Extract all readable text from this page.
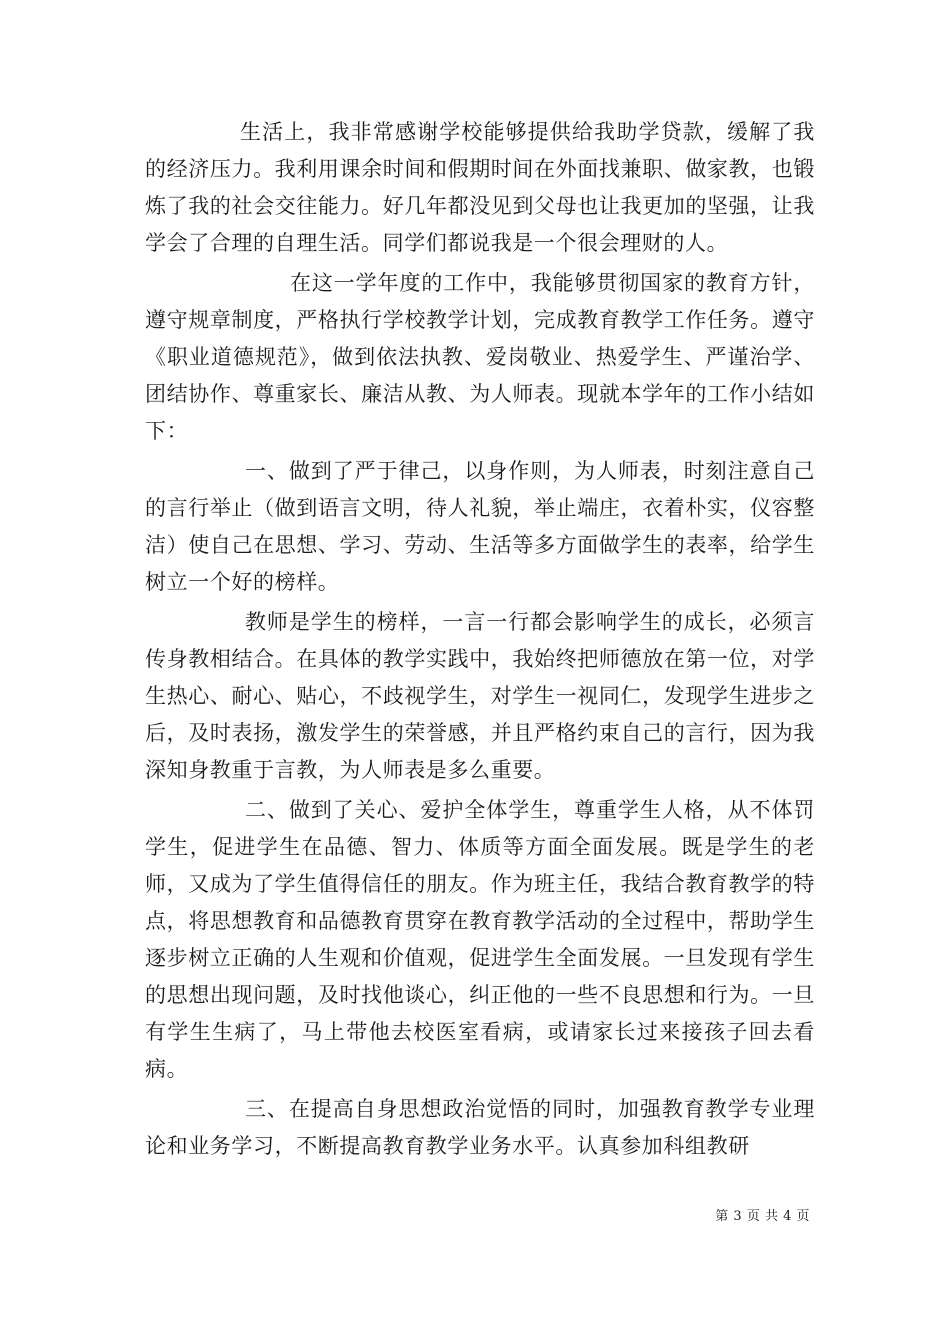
生活上，我非常感谢学校能够提供给我助学贷款，缓解了我的经济压力。我利用课余时间和假期时间在外面找兼职、做家教，也锻炼了我的社会交往能力。好几年都没见到父母也让我更加的坚强，让我学会了合理的自理生活。同学们都说我是一个很会理财的人。

在这一学年度的工作中，我能够贯彻国家的教育方针，遵守规章制度，严格执行学校教学计划，完成教育教学工作任务。遵守《职业道德规范》，做到依法执教、爱岗敬业、热爱学生、严谨治学、团结协作、尊重家长、廉洁从教、为人师表。现就本学年的工作小结如下：

一、做到了严于律己，以身作则，为人师表，时刻注意自己的言行举止（做到语言文明，待人礼貌，举止端庄，衣着朴实，仪容整洁）使自己在思想、学习、劳动、生活等多方面做学生的表率，给学生树立一个好的榜样。

教师是学生的榜样，一言一行都会影响学生的成长，必须言传身教相结合。在具体的教学实践中，我始终把师德放在第一位，对学生热心、耐心、贴心，不歧视学生，对学生一视同仁，发现学生进步之后，及时表扬，激发学生的荣誉感，并且严格约束自己的言行，因为我深知身教重于言教，为人师表是多么重要。

二、做到了关心、爱护全体学生，尊重学生人格，从不体罚学生，促进学生在品德、智力、体质等方面全面发展。既是学生的老师，又成为了学生值得信任的朋友。作为班主任，我结合教育教学的特点，将思想教育和品德教育贯穿在教育教学活动的全过程中，帮助学生逐步树立正确的人生观和价值观，促进学生全面发展。一旦发现有学生的思想出现问题，及时找他谈心，纠正他的一些不良思想和行为。一旦有学生生病了，马上带他去校医室看病，或请家长过来接孩子回去看病。

三、在提高自身思想政治觉悟的同时，加强教育教学专业理论和业务学习，不断提高教育教学业务水平。认真参加科组教研

第 3 页 共 4 页
